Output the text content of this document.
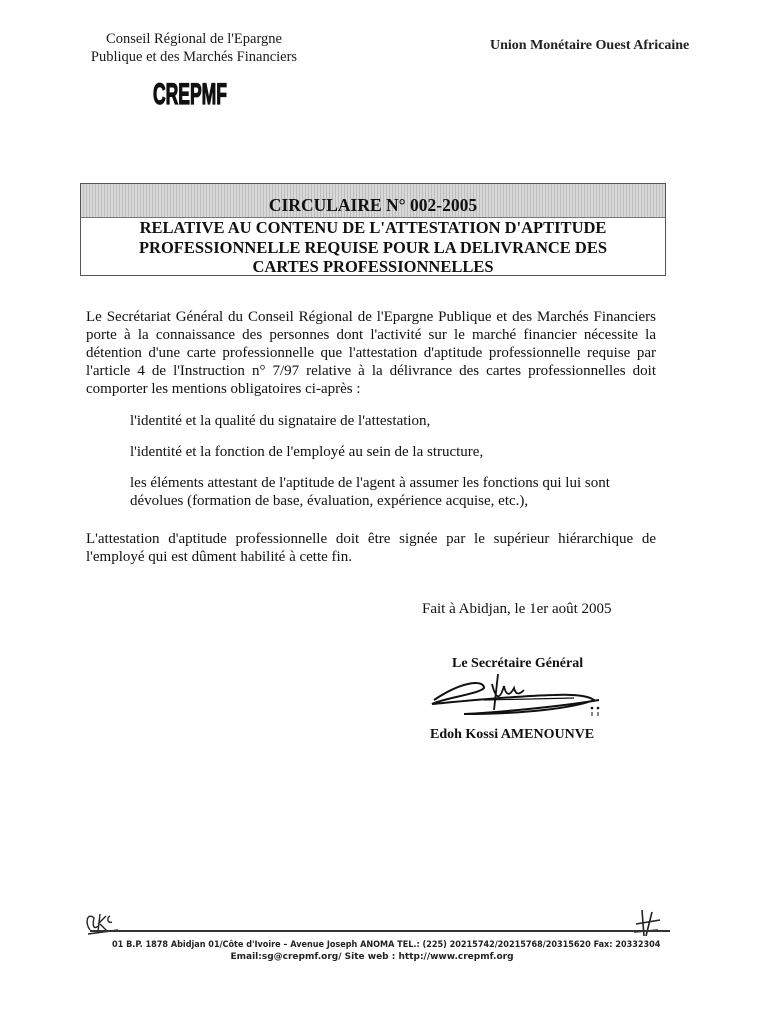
Conseil Régional de l'Epargne
Publique et des Marchés Financiers
CREPMF
Union Monétaire Ouest Africaine
CIRCULAIRE N° 002-2005
RELATIVE AU CONTENU DE L'ATTESTATION D'APTITUDE
PROFESSIONNELLE REQUISE POUR LA DELIVRANCE DES
CARTES PROFESSIONNELLES

Le Secrétariat Général du Conseil Régional de l'Epargne Publique et des Marchés Financiers porte à la connaissance des personnes dont l'activité sur le marché financier nécessite la détention d'une carte professionnelle que l'attestation d'aptitude professionnelle requise par l'article 4 de l'Instruction n° 7/97 relative à la délivrance des cartes professionnelles doit comporter les mentions obligatoires ci-après :

l'identité et la qualité du signataire de l'attestation,

l'identité et la fonction de l'employé au sein de la structure,

les éléments attestant de l'aptitude de l'agent à assumer les fonctions qui lui sont dévolues (formation de base, évaluation, expérience acquise, etc.),

L'attestation d'aptitude professionnelle doit être signée par le supérieur hiérarchique de l'employé qui est dûment habilité à cette fin.

Fait à Abidjan, le 1er août 2005
Le Secrétaire Général
Edoh Kossi AMENOUNVE
01 B.P. 1878 Abidjan 01/Côte d'Ivoire – Avenue Joseph ANOMA TEL.: (225) 20215742/20215768/20315620 Fax: 20332304
Email:sg@crepmf.org/ Site web : http://www.crepmf.org
